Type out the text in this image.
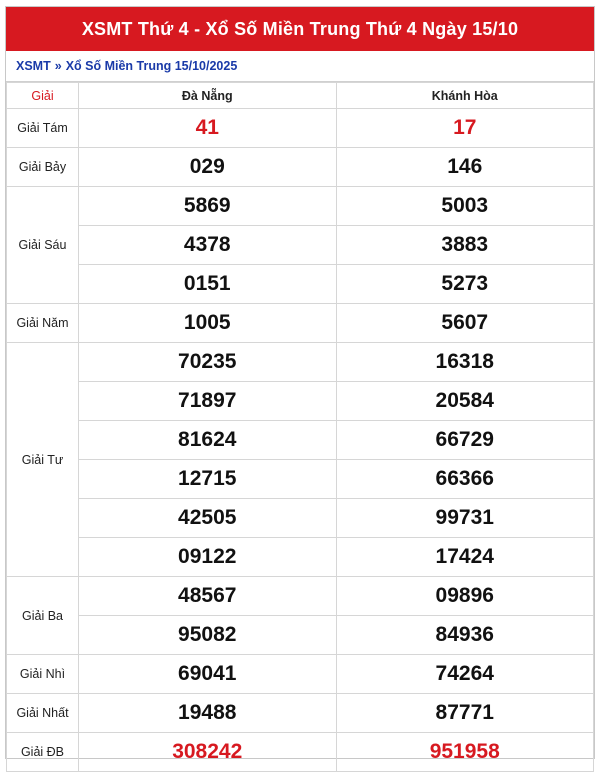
XSMT Thứ 4 - Xổ Số Miền Trung Thứ 4 Ngày 15/10
XSMT » Xổ Số Miền Trung 15/10/2025
Giải	Đà Nẵng	Khánh Hòa
Giải Tám	41	17
Giải Bảy	029	146
Giải Sáu	5869	5003
	4378	3883
	0151	5273
Giải Năm	1005	5607
Giải Tư	70235	16318
	71897	20584
	81624	66729
	12715	66366
	42505	99731
	09122	17424
Giải Ba	48567	09896
	95082	84936
Giải Nhì	69041	74264
Giải Nhất	19488	87771
Giải ĐB	308242	951958
